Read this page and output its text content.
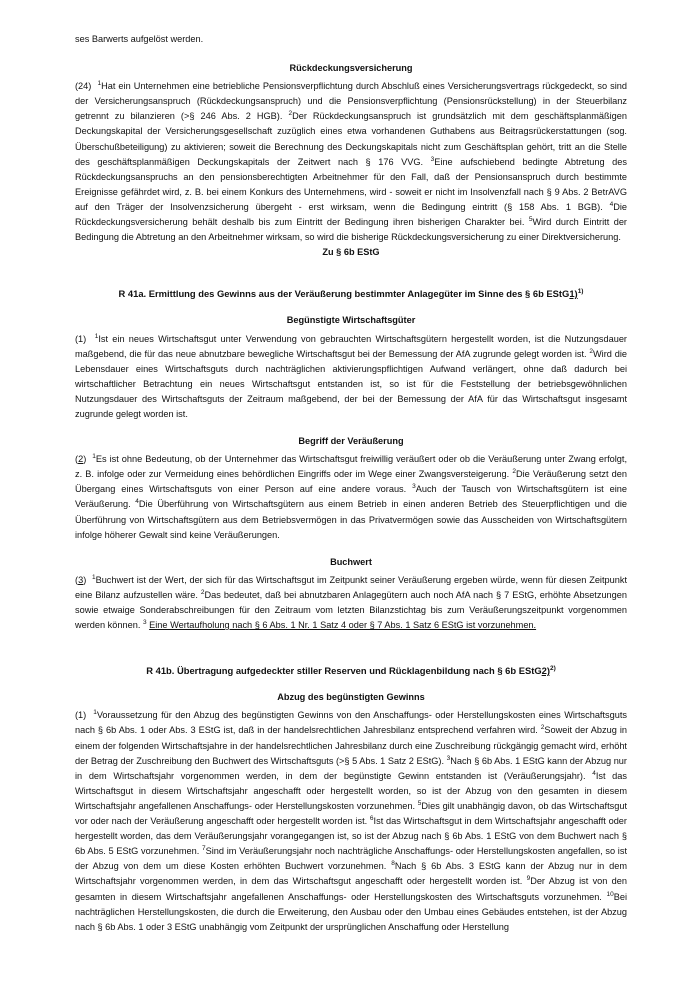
ses Barwerts aufgelöst werden.

Rückdeckungsversicherung

(24) $^1$Hat ein Unternehmen eine betriebliche Pensionsverpflichtung durch Abschluß eines Versicherungsvertrags rückgedeckt, so sind der Versicherungsanspruch (Rückdeckungsanspruch) und die Pensionsverpflichtung (Pensionsrückstellung) in der Steuerbilanz getrennt zu bilanzieren (>§ 246 Abs. 2 HGB). $^2$Der Rückdeckungsanspruch ist grundsätzlich mit dem geschäftsplanmäßigen Deckungskapital der Versicherungsgesellschaft zuzüglich eines etwa vorhandenen Guthabens aus Beitragsrückerstattungen (sog. Überschußbeteiligung) zu aktivieren; soweit die Berechnung des Deckungskapitals nicht zum Geschäftsplan gehört, tritt an die Stelle des geschäftsplanmäßigen Deckungskapitals der Zeitwert nach § 176 VVG. $^3$Eine aufschiebend bedingte Abtretung des Rückdeckungsanspruchs an den pensionsberechtigten Arbeitnehmer für den Fall, daß der Pensionsanspruch durch bestimmte Ereignisse gefährdet wird, z. B. bei einem Konkurs des Unternehmens, wird - soweit er nicht im Insolvenzfall nach § 9 Abs. 2 BetrAVG auf den Träger der Insolvenzsicherung übergeht - erst wirksam, wenn die Bedingung eintritt (§ 158 Abs. 1 BGB). $^4$Die Rückdeckungsversicherung behält deshalb bis zum Eintritt der Bedingung ihren bisherigen Charakter bei. $^5$Wird durch Eintritt der Bedingung die Abtretung an den Arbeitnehmer wirksam, so wird die bisherige Rückdeckungsversicherung zu einer Direktversicherung.

Zu § 6b EStG

R 41a. Ermittlung des Gewinns aus der Veräußerung bestimmter Anlagegüter im Sinne des § 6b EStG1)$^{1)}$

Begünstigte Wirtschaftsgüter

(1) $^1$Ist ein neues Wirtschaftsgut unter Verwendung von gebrauchten Wirtschaftsgütern hergestellt worden, ist die Nutzungsdauer maßgebend, die für das neue abnutzbare bewegliche Wirtschaftsgut bei der Bemessung der AfA zugrunde gelegt worden ist. $^2$Wird die Lebensdauer eines Wirtschaftsguts durch nachträglichen aktivierungspflichtigen Aufwand verlängert, ohne daß dadurch bei wirtschaftlicher Betrachtung ein neues Wirtschaftsgut entstanden ist, so ist für die Feststellung der betriebsgewöhnlichen Nutzungsdauer des Wirtschaftsguts der Zeitraum maßgebend, der bei der Bemessung der AfA für das Wirtschaftsgut insgesamt zugrunde gelegt worden ist.

Begriff der Veräußerung

(2) $^1$Es ist ohne Bedeutung, ob der Unternehmer das Wirtschaftsgut freiwillig veräußert oder ob die Veräußerung unter Zwang erfolgt, z. B. infolge oder zur Vermeidung eines behördlichen Eingriffs oder im Wege einer Zwangsversteigerung. $^2$Die Veräußerung setzt den Übergang eines Wirtschaftsguts von einer Person auf eine andere voraus. $^3$Auch der Tausch von Wirtschaftsgütern ist eine Veräußerung. $^4$Die Überführung von Wirtschaftsgütern aus einem Betrieb in einen anderen Betrieb des Steuerpflichtigen und die Überführung von Wirtschaftsgütern aus dem Betriebsvermögen in das Privatvermögen sowie das Ausscheiden von Wirtschaftsgütern infolge höherer Gewalt sind keine Veräußerungen.

Buchwert

(3) $^1$Buchwert ist der Wert, der sich für das Wirtschaftsgut im Zeitpunkt seiner Veräußerung ergeben würde, wenn für diesen Zeitpunkt eine Bilanz aufzustellen wäre. $^2$Das bedeutet, daß bei abnutzbaren Anlagegütern auch noch AfA nach § 7 EStG, erhöhte Absetzungen sowie etwaige Sonderabschreibungen für den Zeitraum vom letzten Bilanzstichtag bis zum Veräußerungszeitpunkt vorgenommen werden können. $^3$ Eine Wertaufholung nach § 6 Abs. 1 Nr. 1 Satz 4 oder § 7 Abs. 1 Satz 6 EStG ist vorzunehmen.

R 41b. Übertragung aufgedeckter stiller Reserven und Rücklagenbildung nach § 6b EStG2)$^{2)}$

Abzug des begünstigten Gewinns

(1) $^1$Voraussetzung für den Abzug des begünstigten Gewinns von den Anschaffungs- oder Herstellungskosten eines Wirtschaftsguts nach § 6b Abs. 1 oder Abs. 3 EStG ist, daß in der handelsrechtlichen Jahresbilanz entsprechend verfahren wird. $^2$Soweit der Abzug in einem der folgenden Wirtschaftsjahre in der handelsrechtlichen Jahresbilanz durch eine Zuschreibung rückgängig gemacht wird, erhöht der Betrag der Zuschreibung den Buchwert des Wirtschaftsguts (>§ 5 Abs. 1 Satz 2 EStG). $^3$Nach § 6b Abs. 1 EStG kann der Abzug nur in dem Wirtschaftsjahr vorgenommen werden, in dem der begünstigte Gewinn entstanden ist (Veräußerungsjahr). $^4$Ist das Wirtschaftsgut in diesem Wirtschaftsjahr angeschafft oder hergestellt worden, so ist der Abzug von den gesamten in diesem Wirtschaftsjahr angefallenen Anschaffungs- oder Herstellungskosten vorzunehmen. $^5$Dies gilt unabhängig davon, ob das Wirtschaftsgut vor oder nach der Veräußerung angeschafft oder hergestellt worden ist. $^6$Ist das Wirtschaftsgut in dem Wirtschaftsjahr angeschafft oder hergestellt worden, das dem Veräußerungsjahr vorangegangen ist, so ist der Abzug nach § 6b Abs. 1 EStG von dem Buchwert nach § 6b Abs. 5 EStG vorzunehmen. $^7$Sind im Veräußerungsjahr noch nachträgliche Anschaffungs- oder Herstellungskosten angefallen, so ist der Abzug von dem um diese Kosten erhöhten Buchwert vorzunehmen. $^8$Nach § 6b Abs. 3 EStG kann der Abzug nur in dem Wirtschaftsjahr vorgenommen werden, in dem das Wirtschaftsgut angeschafft oder hergestellt worden ist. $^9$Der Abzug ist von den gesamten in diesem Wirtschaftsjahr angefallenen Anschaffungs- oder Herstellungskosten des Wirtschaftsguts vorzunehmen. $^{10}$Bei nachträglichen Herstellungskosten, die durch die Erweiterung, den Ausbau oder den Umbau eines Gebäudes entstehen, ist der Abzug nach § 6b Abs. 1 oder 3 EStG unabhängig vom Zeitpunkt der ursprünglichen Anschaffung oder Herstellung
